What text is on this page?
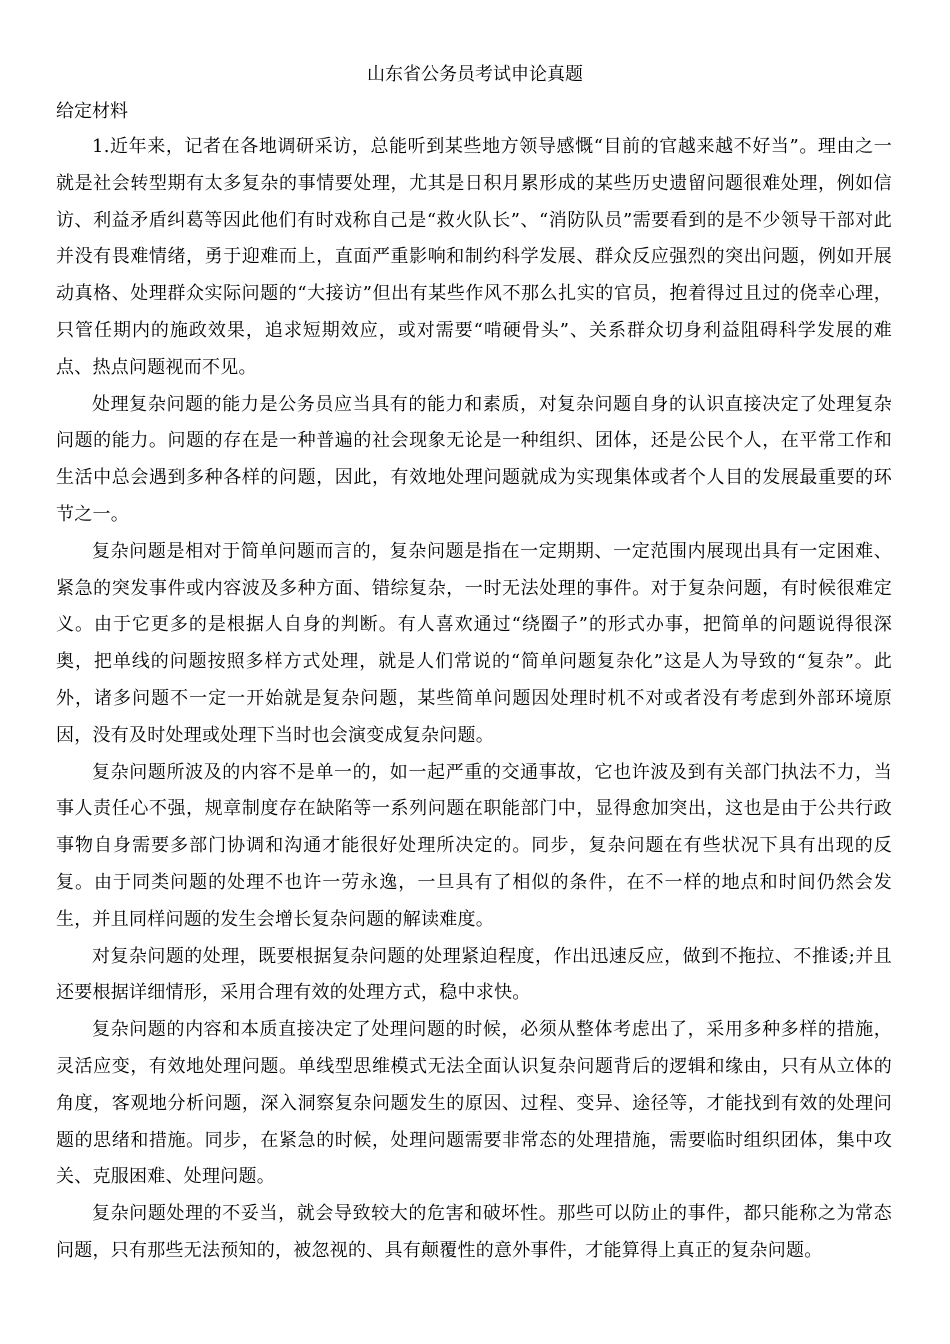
山东省公务员考试申论真题
给定材料

1.近年来，记者在各地调研采访，总能听到某些地方领导感慨“目前的官越来越不好当”。理由之一就是社会转型期有太多复杂的事情要处理，尤其是日积月累形成的某些历史遗留问题很难处理，例如信访、利益矛盾纠葛等因此他们有时戏称自己是“救火队长”、“消防队员”需要看到的是不少领导干部对此并没有畏难情绪，勇于迎难而上，直面严重影响和制约科学发展、群众反应强烈的突出问题，例如开展动真格、处理群众实际问题的“大接访”但出有某些作风不那么扎实的官员，抱着得过且过的侥幸心理，只管任期内的施政效果，追求短期效应，或对需要“啃硬骨头”、关系群众切身利益阻碍科学发展的难点、热点问题视而不见。

处理复杂问题的能力是公务员应当具有的能力和素质，对复杂问题自身的认识直接决定了处理复杂问题的能力。问题的存在是一种普遍的社会现象无论是一种组织、团体，还是公民个人，在平常工作和生活中总会遇到多种各样的问题，因此，有效地处理问题就成为实现集体或者个人目的发展最重要的环节之一。

复杂问题是相对于简单问题而言的，复杂问题是指在一定期期、一定范围内展现出具有一定困难、紧急的突发事件或内容波及多种方面、错综复杂，一时无法处理的事件。对于复杂问题，有时候很难定义。由于它更多的是根据人自身的判断。有人喜欢通过“绕圈子”的形式办事，把简单的问题说得很深奥，把单线的问题按照多样方式处理，就是人们常说的“简单问题复杂化”这是人为导致的“复杂”。此外，诸多问题不一定一开始就是复杂问题，某些简单问题因处理时机不对或者没有考虑到外部环境原因，没有及时处理或处理下当时也会演变成复杂问题。

复杂问题所波及的内容不是单一的，如一起严重的交通事故，它也许波及到有关部门执法不力，当事人责任心不强，规章制度存在缺陷等一系列问题在职能部门中，显得愈加突出，这也是由于公共行政事物自身需要多部门协调和沟通才能很好处理所决定的。同步，复杂问题在有些状况下具有出现的反复。由于同类问题的处理不也许一劳永逸，一旦具有了相似的条件，在不一样的地点和时间仍然会发生，并且同样问题的发生会增长复杂问题的解读难度。

对复杂问题的处理，既要根据复杂问题的处理紧迫程度，作出迅速反应，做到不拖拉、不推诿;并且还要根据详细情形，采用合理有效的处理方式，稳中求快。

复杂问题的内容和本质直接决定了处理问题的时候，必须从整体考虑出了，采用多种多样的措施，灵活应变，有效地处理问题。单线型思维模式无法全面认识复杂问题背后的逻辑和缘由，只有从立体的角度，客观地分析问题，深入洞察复杂问题发生的原因、过程、变异、途径等，才能找到有效的处理问题的思绪和措施。同步，在紧急的时候，处理问题需要非常态的处理措施，需要临时组织团体，集中攻关、克服困难、处理问题。

复杂问题处理的不妥当，就会导致较大的危害和破坏性。那些可以防止的事件，都只能称之为常态问题，只有那些无法预知的，被忽视的、具有颠覆性的意外事件，才能算得上真正的复杂问题。
